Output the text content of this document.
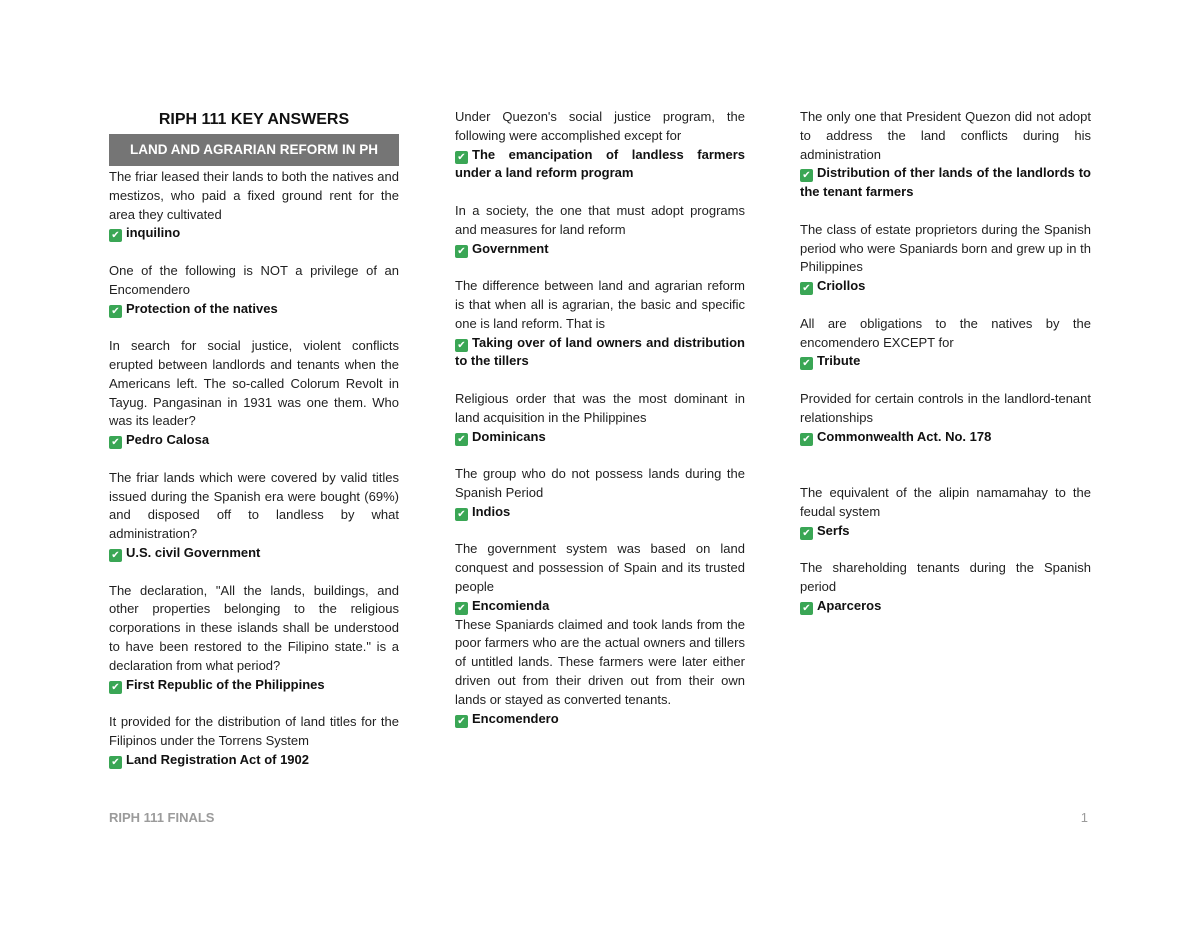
RIPH 111 KEY ANSWERS
LAND AND AGRARIAN REFORM IN PH
The friar leased their lands to both the natives and mestizos, who paid a fixed ground rent for the area they cultivated
✔ inquilino
One of the following is NOT a privilege of an Encomendero
✔ Protection of the natives
In search for social justice, violent conflicts erupted between landlords and tenants when the Americans left. The so-called Colorum Revolt in Tayug. Pangasinan in 1931 was one them. Who was its leader?
✔ Pedro Calosa
The friar lands which were covered by valid titles issued during the Spanish era were bought (69%) and disposed off to landless by what administration?
✔ U.S. civil Government
The declaration, "All the lands, buildings, and other properties belonging to the religious corporations in these islands shall be understood to have been restored to the Filipino state." is a declaration from what period?
✔ First Republic of the Philippines
It provided for the distribution of land titles for the Filipinos under the Torrens System
✔ Land Registration Act of 1902
Under Quezon's social justice program, the following were accomplished except for
✔ The emancipation of landless farmers under a land reform program
In a society, the one that must adopt programs and measures for land reform
✔ Government
The difference between land and agrarian reform is that when all is agrarian, the basic and specific one is land reform. That is
✔ Taking over of land owners and distribution to the tillers
Religious order that was the most dominant in land acquisition in the Philippines
✔ Dominicans
The group who do not possess lands during the Spanish Period
✔ Indios
The government system was based on land conquest and possession of Spain and its trusted people
✔ Encomienda
These Spaniards claimed and took lands from the poor farmers who are the actual owners and tillers of untitled lands. These farmers were later either driven out from their driven out from their own lands or stayed as converted tenants.
✔ Encomendero
The only one that President Quezon did not adopt to address the land conflicts during his administration
✔ Distribution of ther lands of the landlords to the tenant farmers
The class of estate proprietors during the Spanish period who were Spaniards born and grew up in th Philippines
✔ Criollos
All are obligations to the natives by the encomendero EXCEPT for
✔ Tribute
Provided for certain controls in the landlord-tenant relationships
✔ Commonwealth Act. No. 178
The equivalent of the alipin namamahay to the feudal system
✔ Serfs
The shareholding tenants during the Spanish period
✔ Aparceros
RIPH 111 FINALS	1
